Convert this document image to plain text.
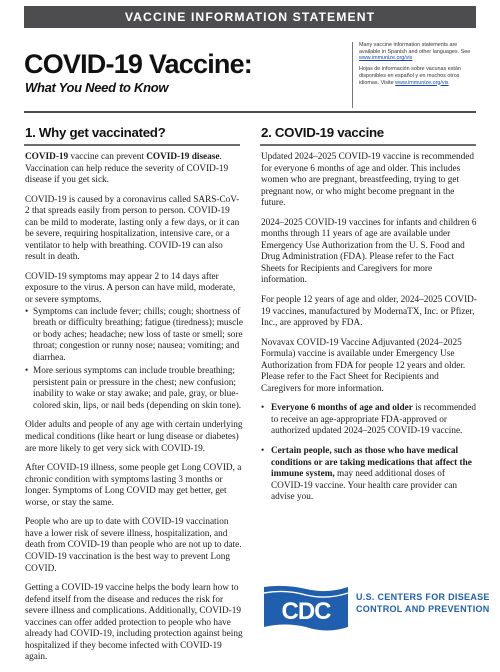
VACCINE INFORMATION STATEMENT
COVID-19 Vaccine:
What You Need to Know

Many vaccine information statements are available in Spanish and other languages. See www.immunize.org/vis

Hojas de información sobre vacunas están disponibles en español y en muchos otros idiomas. Visite www.immunize.org/vis

1. Why get vaccinated?	2. COVID-19 vaccine

COVID-19 vaccine can prevent COVID-19 disease. Vaccination can help reduce the severity of COVID-19 disease if you get sick.

COVID-19 is caused by a coronavirus called SARS-CoV-2 that spreads easily from person to person. COVID-19 can be mild to moderate, lasting only a few days, or it can be severe, requiring hospitalization, intensive care, or a ventilator to help with breathing. COVID-19 can also result in death.

COVID-19 symptoms may appear 2 to 14 days after exposure to the virus. A person can have mild, moderate, or severe symptoms.

• Symptoms can include fever; chills; cough; shortness of breath or difficulty breathing; fatigue (tiredness); muscle or body aches; headache; new loss of taste or smell; sore throat; congestion or runny nose; nausea; vomiting; and diarrhea.
• More serious symptoms can include trouble breathing; persistent pain or pressure in the chest; new confusion; inability to wake or stay awake; and pale, gray, or blue-colored skin, lips, or nail beds (depending on skin tone).

Older adults and people of any age with certain underlying medical conditions (like heart or lung disease or diabetes) are more likely to get very sick with COVID-19.

After COVID-19 illness, some people get Long COVID, a chronic condition with symptoms lasting 3 months or longer. Symptoms of Long COVID may get better, get worse, or stay the same.

People who are up to date with COVID-19 vaccination have a lower risk of severe illness, hospitalization, and death from COVID-19 than people who are not up to date. COVID-19 vaccination is the best way to prevent Long COVID.

Getting a COVID-19 vaccine helps the body learn how to defend itself from the disease and reduces the risk for severe illness and complications. Additionally, COVID-19 vaccines can offer added protection to people who have already had COVID-19, including protection against being hospitalized if they become infected with COVID-19 again.

Updated 2024–2025 COVID-19 vaccine is recommended for everyone 6 months of age and older. This includes women who are pregnant, breastfeeding, trying to get pregnant now, or who might become pregnant in the future.

2024–2025 COVID-19 vaccines for infants and children 6 months through 11 years of age are available under Emergency Use Authorization from the U. S. Food and Drug Administration (FDA). Please refer to the Fact Sheets for Recipients and Caregivers for more information.

For people 12 years of age and older, 2024–2025 COVID-19 vaccines, manufactured by ModernaTX, Inc. or Pfizer, Inc., are approved by FDA.

Novavax COVID-19 Vaccine Adjuvanted (2024–2025 Formula) vaccine is available under Emergency Use Authorization from FDA for people 12 years and older. Please refer to the Fact Sheet for Recipients and Caregivers for more information.

• Everyone 6 months of age and older is recommended to receive an age-appropriate FDA-approved or authorized updated 2024–2025 COVID-19 vaccine.
• Certain people, such as those who have medical conditions or are taking medications that affect the immune system, may need additional doses of COVID-19 vaccine. Your health care provider can advise you.
CDC
U.S. CENTERS FOR DISEASE
CONTROL AND PREVENTION
